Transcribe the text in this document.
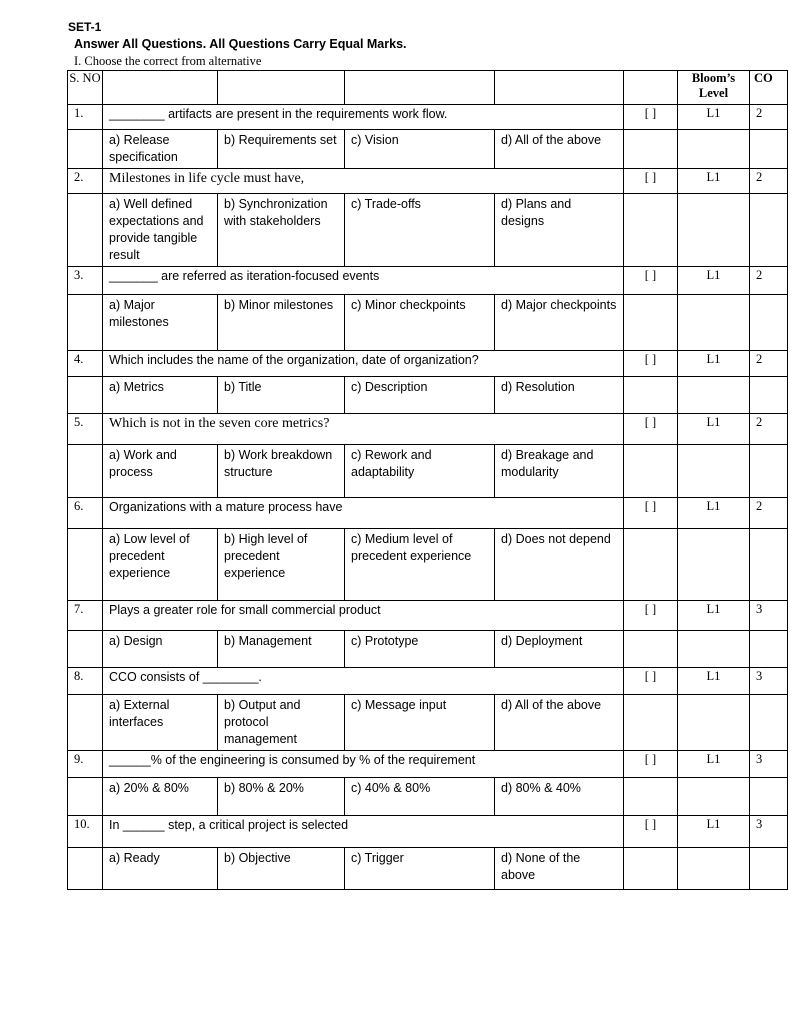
SET-1
Answer All Questions. All Questions Carry Equal Marks.
I. Choose the correct from alternative
S. NO						Bloom’s Level	CO
1.	________ artifacts are present in the requirements work flow.				[ ]	L1	2
	a) Release specification	b) Requirements set	c) Vision	d) All of the above			
2.	Milestones in life cycle must have,				[ ]	L1	2
	a) Well defined expectations and provide tangible result	b) Synchronization with stakeholders	c) Trade-offs	d) Plans and designs			
3.	_______ are referred as iteration-focused events				[ ]	L1	2
	a) Major milestones	b) Minor milestones	c) Minor checkpoints	d) Major checkpoints			
4.	Which includes the name of the organization, date of organization?				[ ]	L1	2
	a) Metrics	b) Title	c) Description	d) Resolution			
5.	Which is not in the seven core metrics?				[ ]	L1	2
	a) Work and process	b) Work breakdown structure	c) Rework and adaptability	d) Breakage and modularity			
6.	Organizations with a mature process have				[ ]	L1	2
	a) Low level of precedent experience	b) High level of precedent experience	c) Medium level of precedent experience	d) Does not depend			
7.	Plays a greater role for small commercial product				[ ]	L1	3
	a) Design	b) Management	c) Prototype	d) Deployment			
8.	CCO consists of ________.				[ ]	L1	3
	a) External interfaces	b) Output and protocol management	c) Message input	d) All of the above			
9.	______% of the engineering is consumed by % of the requirement				[ ]	L1	3
	a) 20% & 80%	b) 80% & 20%	c) 40% & 80%	d) 80% & 40%			
10.	In ______ step, a critical project is selected				[ ]	L1	3
	a) Ready	b) Objective	c) Trigger	d) None of the above			
